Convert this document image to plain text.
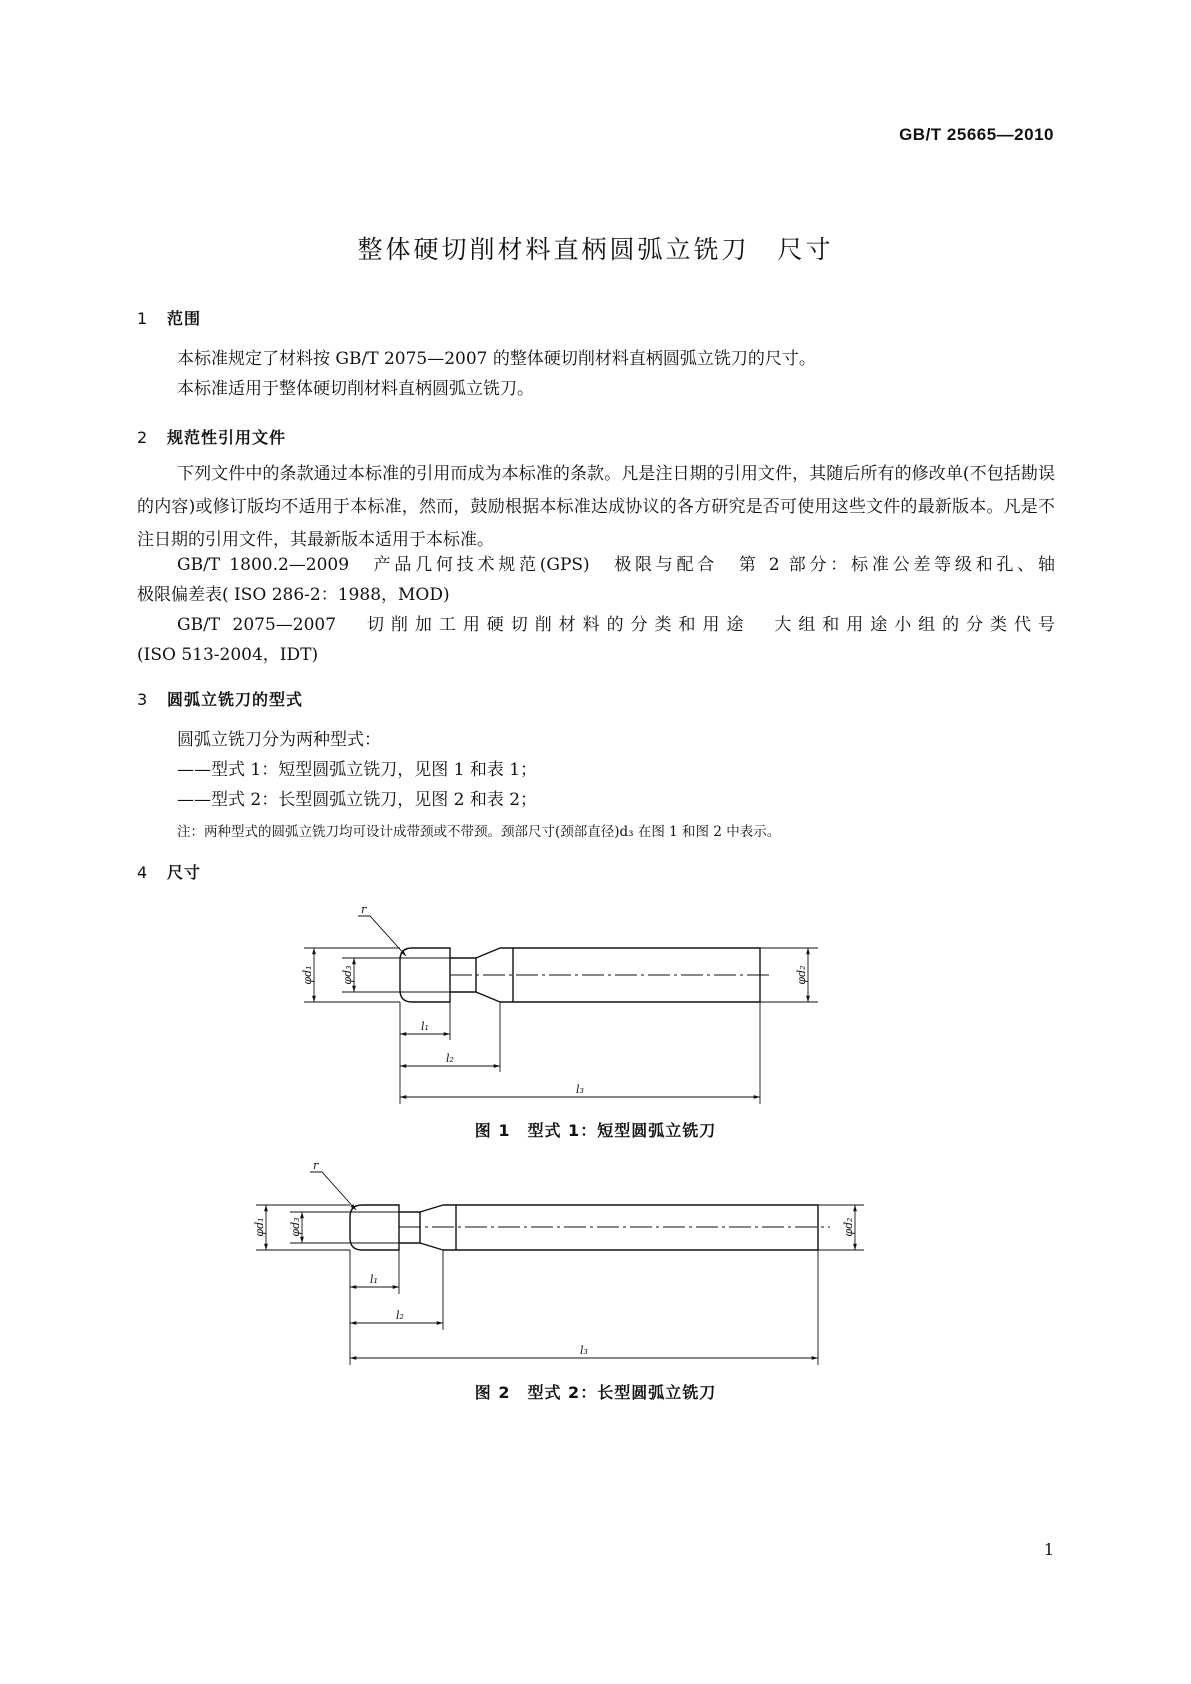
GB/T 25665—2010
整体硬切削材料直柄圆弧立铣刀　尺寸
1 范围
本标准规定了材料按 GB/T 2075—2007 的整体硬切削材料直柄圆弧立铣刀的尺寸。
本标准适用于整体硬切削材料直柄圆弧立铣刀。
2 规范性引用文件
下列文件中的条款通过本标准的引用而成为本标准的条款。凡是注日期的引用文件，其随后所有的修改单(不包括勘误的内容)或修订版均不适用于本标准，然而，鼓励根据本标准达成协议的各方研究是否可使用这些文件的最新版本。凡是不注日期的引用文件，其最新版本适用于本标准。
GB/T 1800.2—2009　产品几何技术规范(GPS)　极限与配合　第 2 部分：标准公差等级和孔、轴
极限偏差表( ISO 286-2：1988，MOD)
GB/T 2075—2007　切削加工用硬切削材料的分类和用途　大组和用途小组的分类代号
(ISO 513-2004，IDT)
3 圆弧立铣刀的型式
圆弧立铣刀分为两种型式：
——型式 1：短型圆弧立铣刀，见图 1 和表 1；
——型式 2：长型圆弧立铣刀，见图 2 和表 2；
注：两种型式的圆弧立铣刀均可设计成带颈或不带颈。颈部尺寸(颈部直径)d₃ 在图 1 和图 2 中表示。
4 尺寸
r
φd₁ φd₃	φd₂
l₁
l₂
l₃
图 1　型式 1：短型圆弧立铣刀
r
φd₁ φd₃	φd₂
l₁
l₂
l₃
图 2　型式 2：长型圆弧立铣刀
1
